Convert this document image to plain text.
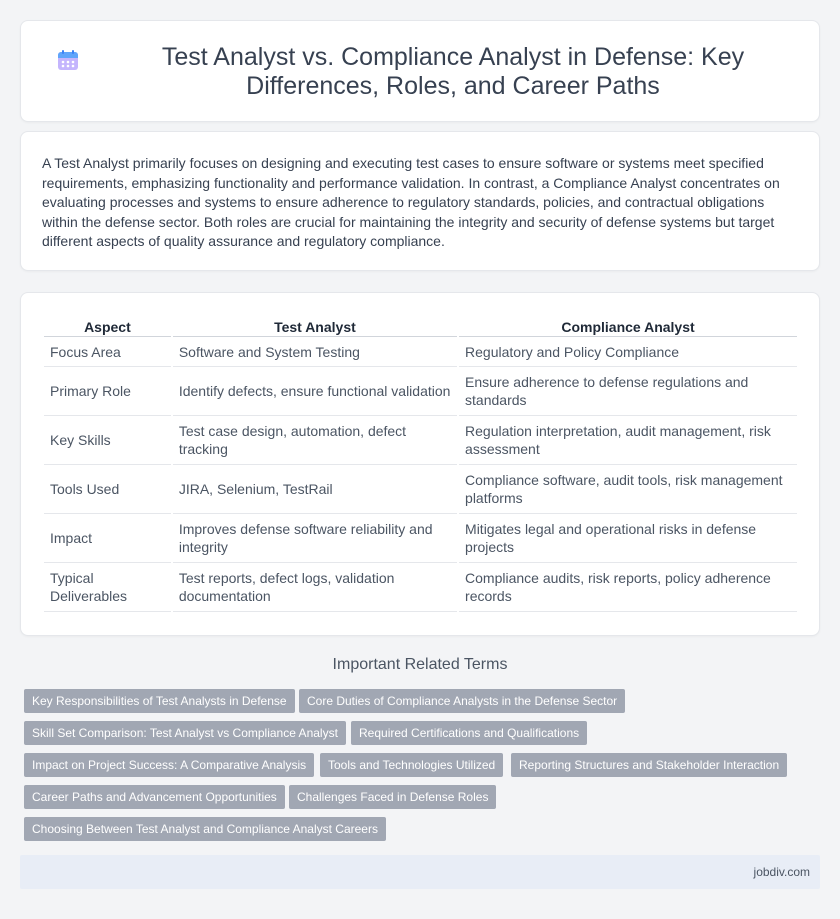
Test Analyst vs. Compliance Analyst in Defense: Key Differences, Roles, and Career Paths

A Test Analyst primarily focuses on designing and executing test cases to ensure software or systems meet specified requirements, emphasizing functionality and performance validation. In contrast, a Compliance Analyst concentrates on evaluating processes and systems to ensure adherence to regulatory standards, policies, and contractual obligations within the defense sector. Both roles are crucial for maintaining the integrity and security of defense systems but target different aspects of quality assurance and regulatory compliance.

Aspect	Test Analyst	Compliance Analyst
Focus Area	Software and System Testing	Regulatory and Policy Compliance
Primary Role	Identify defects, ensure functional validation	Ensure adherence to defense regulations and standards
Key Skills	Test case design, automation, defect tracking	Regulation interpretation, audit management, risk assessment
Tools Used	JIRA, Selenium, TestRail	Compliance software, audit tools, risk management platforms
Impact	Improves defense software reliability and integrity	Mitigates legal and operational risks in defense projects
Typical Deliverables	Test reports, defect logs, validation documentation	Compliance audits, risk reports, policy adherence records
Important Related Terms
Key Responsibilities of Test Analysts in Defense	Core Duties of Compliance Analysts in the Defense Sector
Skill Set Comparison: Test Analyst vs Compliance Analyst	Required Certifications and Qualifications
Impact on Project Success: A Comparative Analysis	Tools and Technologies Utilized	Reporting Structures and Stakeholder Interaction
Career Paths and Advancement Opportunities	Challenges Faced in Defense Roles
Choosing Between Test Analyst and Compliance Analyst Careers
jobdiv.com
